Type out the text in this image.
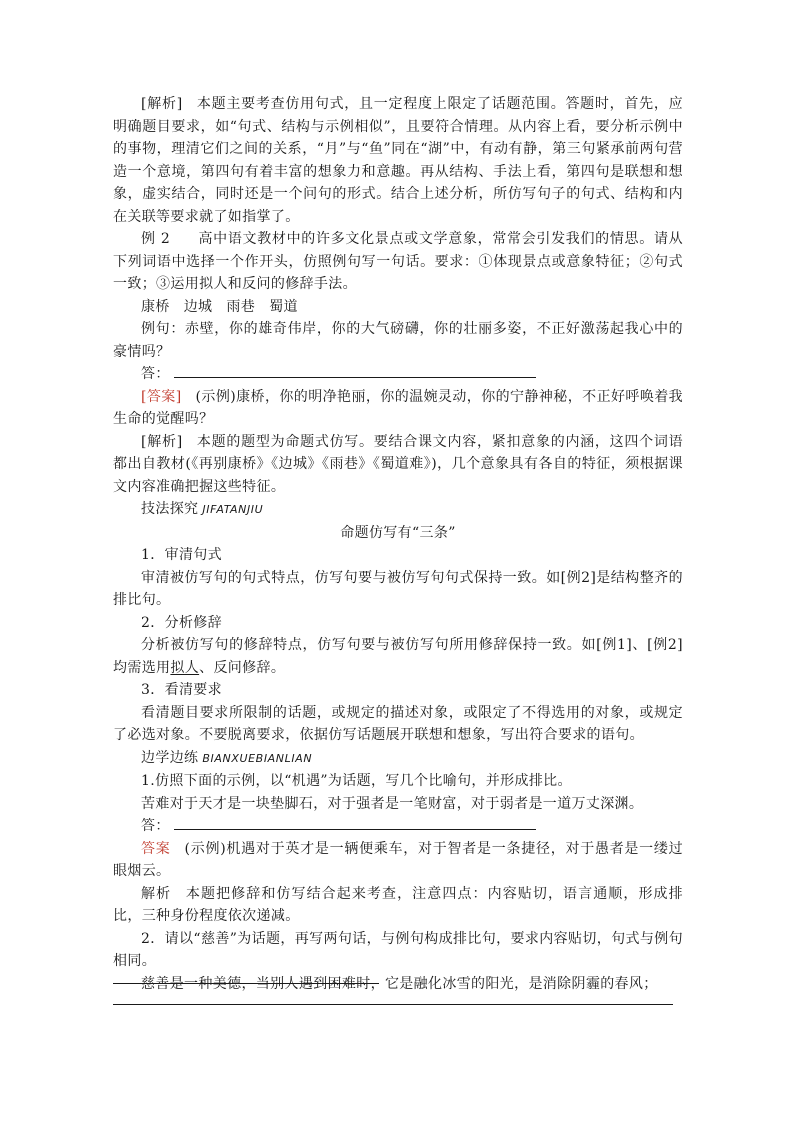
[解析] 本题主要考查仿用句式，且一定程度上限定了话题范围。答题时，首先，应明确题目要求，如“句式、结构与示例相似”，且要符合情理。从内容上看，要分析示例中的事物，理清它们之间的关系，“月”与“鱼”同在“湖”中，有动有静，第三句紧承前两句营造一个意境，第四句有着丰富的想象力和意趣。再从结构、手法上看，第四句是联想和想象，虚实结合，同时还是一个问句的形式。结合上述分析，所仿写句子的句式、结构和内在关联等要求就了如指掌了。

例 2 高中语文教材中的许多文化景点或文学意象，常常会引发我们的情思。请从下列词语中选择一个作开头，仿照例句写一句话。要求：①体现景点或意象特征；②句式一致；③运用拟人和反问的修辞手法。

康桥 边城 雨巷 蜀道

例句：赤壁，你的雄奇伟岸，你的大气磅礴，你的壮丽多姿，不正好激荡起我心中的豪情吗？

答：

[答案] (示例)康桥，你的明净艳丽，你的温婉灵动，你的宁静神秘，不正好呼唤着我生命的觉醒吗？

[解析] 本题的题型为命题式仿写。要结合课文内容，紧扣意象的内涵，这四个词语都出自教材(《再别康桥》《边城》《雨巷》《蜀道难》)，几个意象具有各自的特征，须根据课文内容准确把握这些特征。

技法探究 JIFATANJIU

命题仿写有“三条”

1．审清句式

审清被仿写句的句式特点，仿写句要与被仿写句句式保持一致。如[例2]是结构整齐的排比句。

2．分析修辞

分析被仿写句的修辞特点，仿写句要与被仿写句所用修辞保持一致。如[例1]、[例2]均需选用拟人、反问修辞。

3．看清要求

看清题目要求所限制的话题，或规定的描述对象，或限定了不得选用的对象，或规定了必选对象。不要脱离要求，依据仿写话题展开联想和想象，写出符合要求的语句。

边学边练 BIANXUEBIANLIAN

1.仿照下面的示例，以“机遇”为话题，写几个比喻句，并形成排比。

苦难对于天才是一块垫脚石，对于强者是一笔财富，对于弱者是一道万丈深渊。

答：

答案 (示例)机遇对于英才是一辆便乘车，对于智者是一条捷径，对于愚者是一缕过眼烟云。

解析 本题把修辞和仿写结合起来考查，注意四点：内容贴切，语言通顺，形成排比，三种身份程度依次递减。

2．请以“慈善”为话题，再写两句话，与例句构成排比句，要求内容贴切，句式与例句相同。

慈善是一种美德，当别人遇到困难时，它是融化冰雪的阳光，是消除阴霾的春风；
